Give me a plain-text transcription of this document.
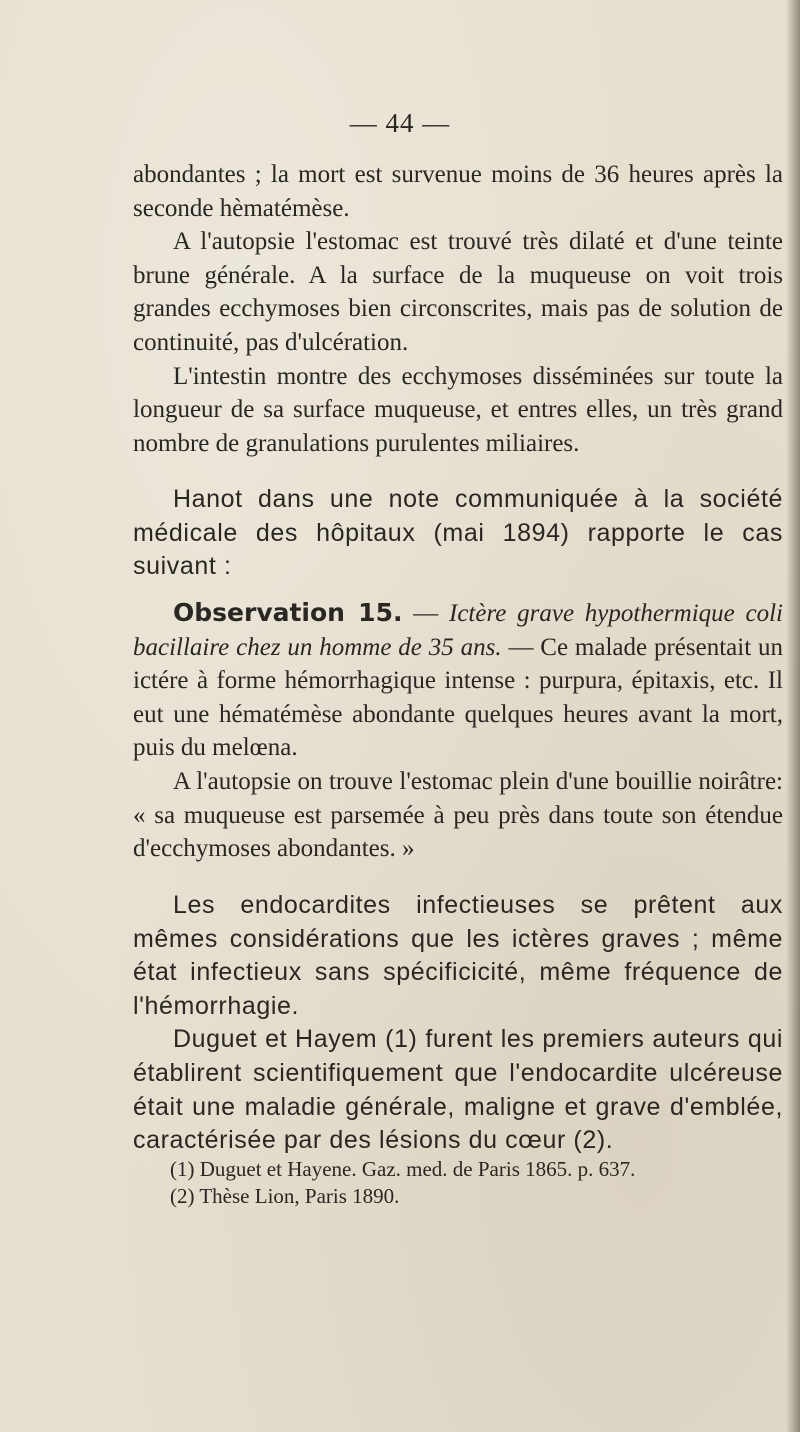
— 44 —

abondantes ; la mort est survenue moins de 36 heures après la seconde hèmatémèse.

A l'autopsie l'estomac est trouvé très dilaté et d'une teinte brune générale. A la surface de la muqueuse on voit trois grandes ecchymoses bien circonscrites, mais pas de solution de continuité, pas d'ulcération.

L'intestin montre des ecchymoses disséminées sur toute la longueur de sa surface muqueuse, et entres elles, un très grand nombre de granulations purulentes miliaires.

Hanot dans une note communiquée à la société médicale des hôpitaux (mai 1894) rapporte le cas suivant :

Observation 15. — Ictère grave hypothermique coli bacillaire chez un homme de 35 ans. — Ce malade présentait un ictére à forme hémorrhagique intense : purpura, épitaxis, etc. Il eut une hématémèse abondante quelques heures avant la mort, puis du melœna.

A l'autopsie on trouve l'estomac plein d'une bouillie noirâtre: « sa muqueuse est parsemée à peu près dans toute son étendue d'ecchymoses abondantes. »

Les endocardites infectieuses se prêtent aux mêmes considérations que les ictères graves ; même état infectieux sans spécificicité, même fréquence de l'hémorrhagie.

Duguet et Hayem (1) furent les premiers auteurs qui établirent scientifiquement que l'endocardite ulcéreuse était une maladie générale, maligne et grave d'emblée, caractérisée par des lésions du cœur (2).

(1) Duguet et Hayene. Gaz. med. de Paris 1865. p. 637.
(2) Thèse Lion, Paris 1890.
